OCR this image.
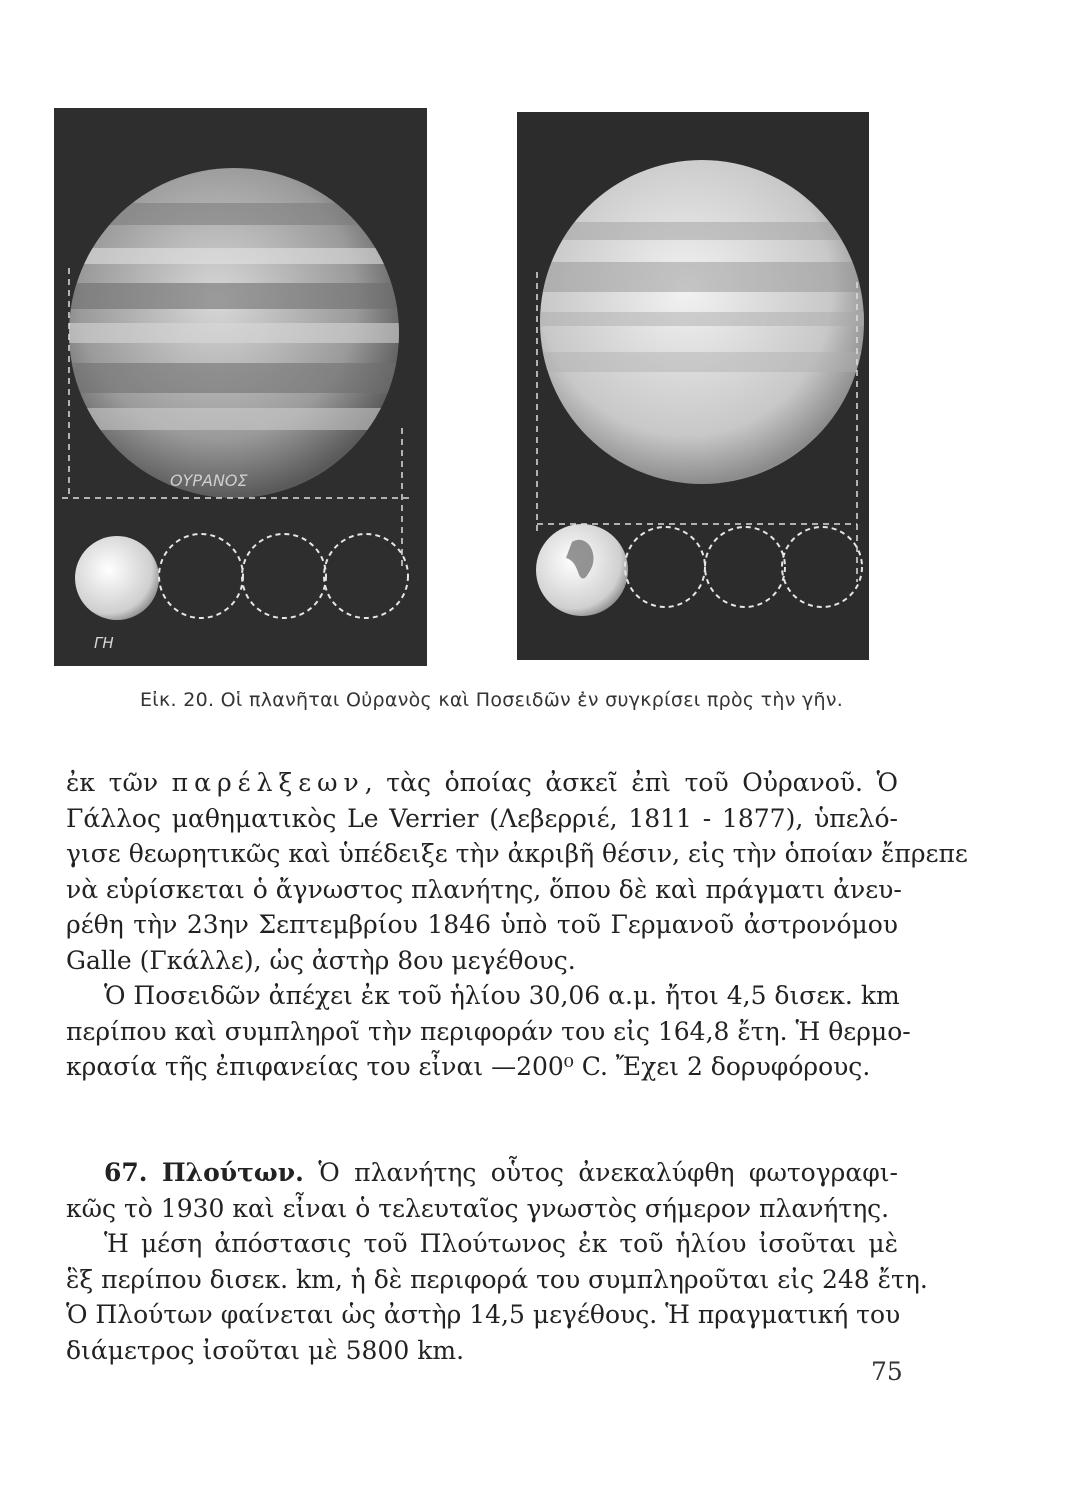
ΟΥΡΑΝΟΣ
ΓΗ
Εἰκ. 20. Οἱ πλανῆται Οὐρανὸς καὶ Ποσειδῶν ἐν συγκρίσει πρὸς τὴν γῆν.
ἐκ τῶν παρέλξεων, τὰς ὁποίας ἀσκεῖ ἐπὶ τοῦ Οὐρανοῦ. Ὁ
Γάλλος μαθηματικὸς Le Verrier (Λεβερριέ, 1811 - 1877), ὑπελό-
γισε θεωρητικῶς καὶ ὑπέδειξε τὴν ἀκριβῆ θέσιν, εἰς τὴν ὁποίαν ἔπρεπε
νὰ εὑρίσκεται ὁ ἄγνωστος πλανήτης, ὅπου δὲ καὶ πράγματι ἀνευ-
ρέθη τὴν 23ην Σεπτεμβρίου 1846 ὑπὸ τοῦ Γερμανοῦ ἀστρονόμου
Galle (Γκάλλε), ὡς ἀστὴρ 8ου μεγέθους.
Ὁ Ποσειδῶν ἀπέχει ἐκ τοῦ ἡλίου 30,06 α.μ. ἤτοι 4,5 δισεκ. km
περίπου καὶ συμπληροῖ τὴν περιφοράν του εἰς 164,8 ἔτη. Ἡ θερμο-
κρασία τῆς ἐπιφανείας του εἶναι —200⁰ C. Ἔχει 2 δορυφόρους.
67. Πλούτων. Ὁ πλανήτης οὗτος ἀνεκαλύφθη φωτογραφι-
κῶς τὸ 1930 καὶ εἶναι ὁ τελευταῖος γνωστὸς σήμερον πλανήτης.
Ἡ μέση ἀπόστασις τοῦ Πλούτωνος ἐκ τοῦ ἡλίου ἰσοῦται μὲ
ἓξ περίπου δισεκ. km, ἡ δὲ περιφορά του συμπληροῦται εἰς 248 ἔτη.
Ὁ Πλούτων φαίνεται ὡς ἀστὴρ 14,5 μεγέθους. Ἡ πραγματική του
διάμετρος ἰσοῦται μὲ 5800 km.
75
